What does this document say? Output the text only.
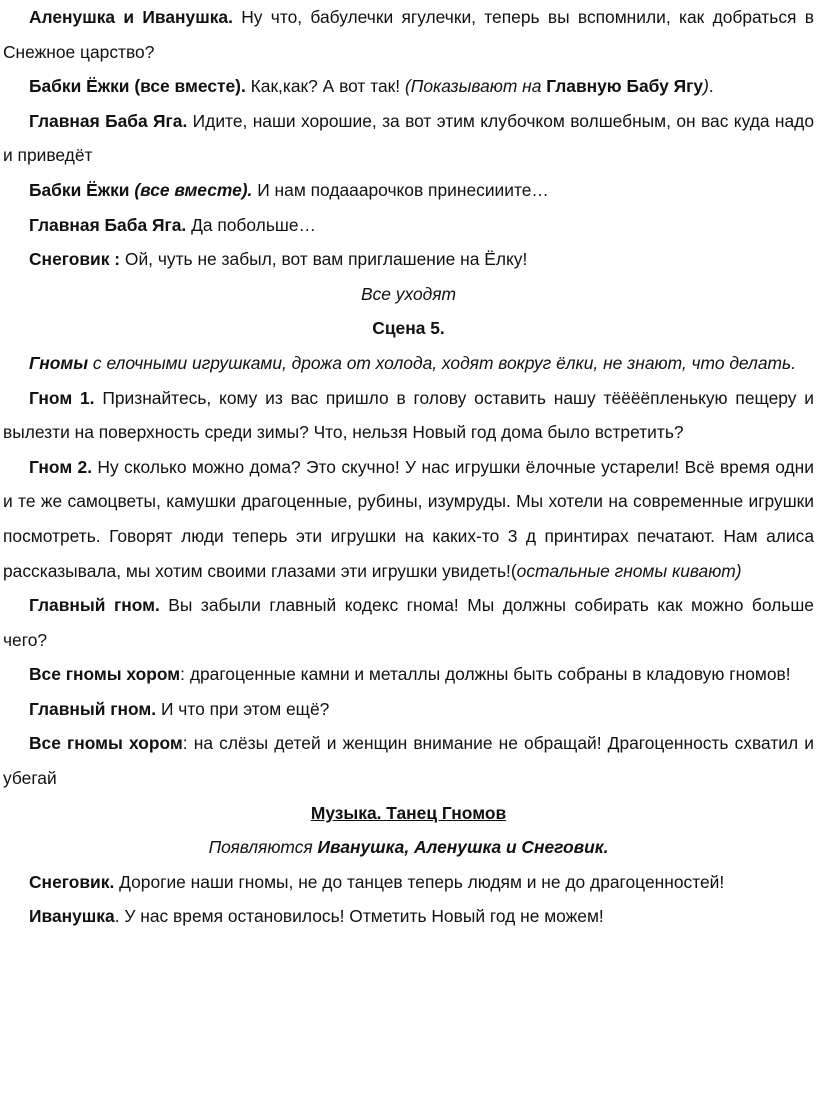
Аленушка и Иванушка. Ну что, бабулечки ягулечки, теперь вы вспомнили, как добраться в Снежное царство?

Бабки Ёжки (все вместе). Как,как? А вот так! (Показывают на Главную Бабу Ягу).

Главная Баба Яга. Идите, наши хорошие, за вот этим клубочком волшебным, он вас куда надо и приведёт

Бабки Ёжки (все вместе). И нам подааарочков принесииите…

Главная Баба Яга. Да побольше…

Снеговик : Ой, чуть не забыл, вот вам приглашение на Ёлку!

Все уходят

Сцена 5.

Гномы с елочными игрушками, дрожа от холода, ходят вокруг ёлки, не знают, что делать.

Гном 1. Признайтесь, кому из вас пришло в голову оставить нашу тёёёёпленькую пещеру и вылезти на поверхность среди зимы? Что, нельзя Новый год дома было встретить?

Гном 2. Ну сколько можно дома? Это скучно! У нас игрушки ёлочные устарели! Всё время одни и те же самоцветы, камушки драгоценные, рубины, изумруды. Мы хотели на современные игрушки посмотреть. Говорят люди теперь эти игрушки на каких-то 3 д принтирах печатают. Нам алиса рассказывала, мы хотим своими глазами эти игрушки увидеть!(остальные гномы кивают)

Главный гном. Вы забыли главный кодекс гнома! Мы должны собирать как можно больше чего?

Все гномы хором: драгоценные камни и металлы должны быть собраны в кладовую гномов!

Главный гном. И что при этом ещё?

Все гномы хором: на слёзы детей и женщин внимание не обращай! Драгоценность схватил и убегай

Музыка. Танец Гномов

Появляются Иванушка, Аленушка и Снеговик.

Снеговик. Дорогие наши гномы, не до танцев теперь людям и не до драгоценностей!

Иванушка. У нас время остановилось! Отметить Новый год не можем!
